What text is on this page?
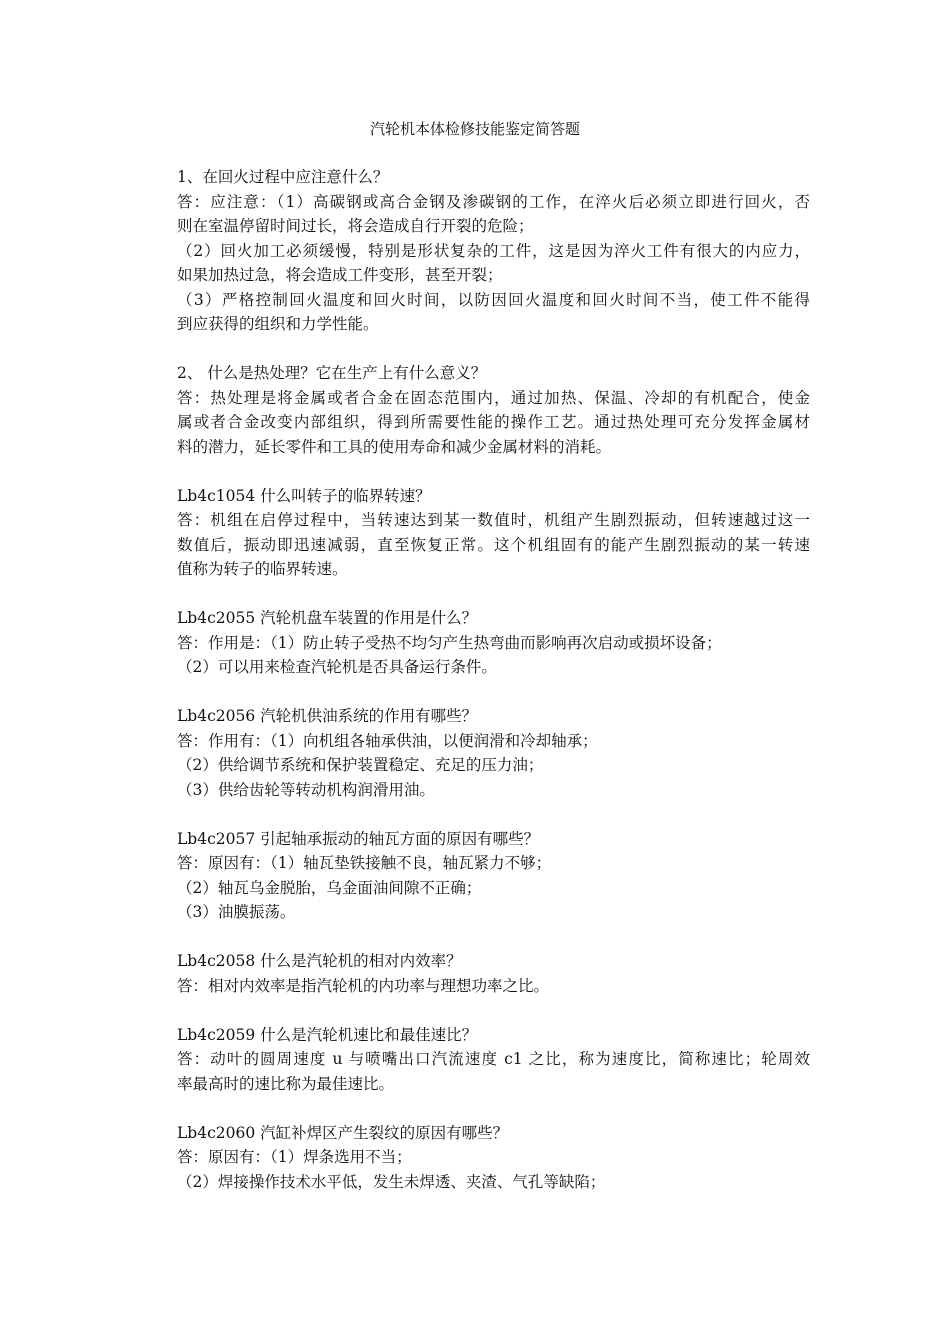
汽轮机本体检修技能鉴定简答题
1、在回火过程中应注意什么？
答：应注意：（1）高碳钢或高合金钢及渗碳钢的工作，在淬火后必须立即进行回火，否
则在室温停留时间过长，将会造成自行开裂的危险；
（2）回火加工必须缓慢，特别是形状复杂的工件，这是因为淬火工件有很大的内应力，
如果加热过急，将会造成工件变形，甚至开裂；
（3）严格控制回火温度和回火时间，以防因回火温度和回火时间不当，使工件不能得
到应获得的组织和力学性能。
2、 什么是热处理？它在生产上有什么意义？
答：热处理是将金属或者合金在固态范围内，通过加热、保温、冷却的有机配合，使金
属或者合金改变内部组织，得到所需要性能的操作工艺。通过热处理可充分发挥金属材
料的潜力，延长零件和工具的使用寿命和减少金属材料的消耗。
Lb4c1054 什么叫转子的临界转速？
答：机组在启停过程中，当转速达到某一数值时，机组产生剧烈振动，但转速越过这一
数值后，振动即迅速减弱，直至恢复正常。这个机组固有的能产生剧烈振动的某一转速
值称为转子的临界转速。
Lb4c2055 汽轮机盘车装置的作用是什么？
答：作用是：（1）防止转子受热不均匀产生热弯曲而影响再次启动或损坏设备；
（2）可以用来检查汽轮机是否具备运行条件。
Lb4c2056 汽轮机供油系统的作用有哪些？
答：作用有：（1）向机组各轴承供油，以便润滑和冷却轴承；
（2）供给调节系统和保护装置稳定、充足的压力油；
（3）供给齿轮等转动机构润滑用油。
Lb4c2057 引起轴承振动的轴瓦方面的原因有哪些？
答：原因有：（1）轴瓦垫铁接触不良，轴瓦紧力不够；
（2）轴瓦乌金脱胎，乌金面油间隙不正确；
（3）油膜振荡。
Lb4c2058 什么是汽轮机的相对内效率？
答：相对内效率是指汽轮机的内功率与理想功率之比。
Lb4c2059 什么是汽轮机速比和最佳速比？
答：动叶的圆周速度 u 与喷嘴出口汽流速度 c1 之比，称为速度比，简称速比；轮周效
率最高时的速比称为最佳速比。
Lb4c2060 汽缸补焊区产生裂纹的原因有哪些？
答：原因有：（1）焊条选用不当；
（2）焊接操作技术水平低，发生未焊透、夹渣、气孔等缺陷；
